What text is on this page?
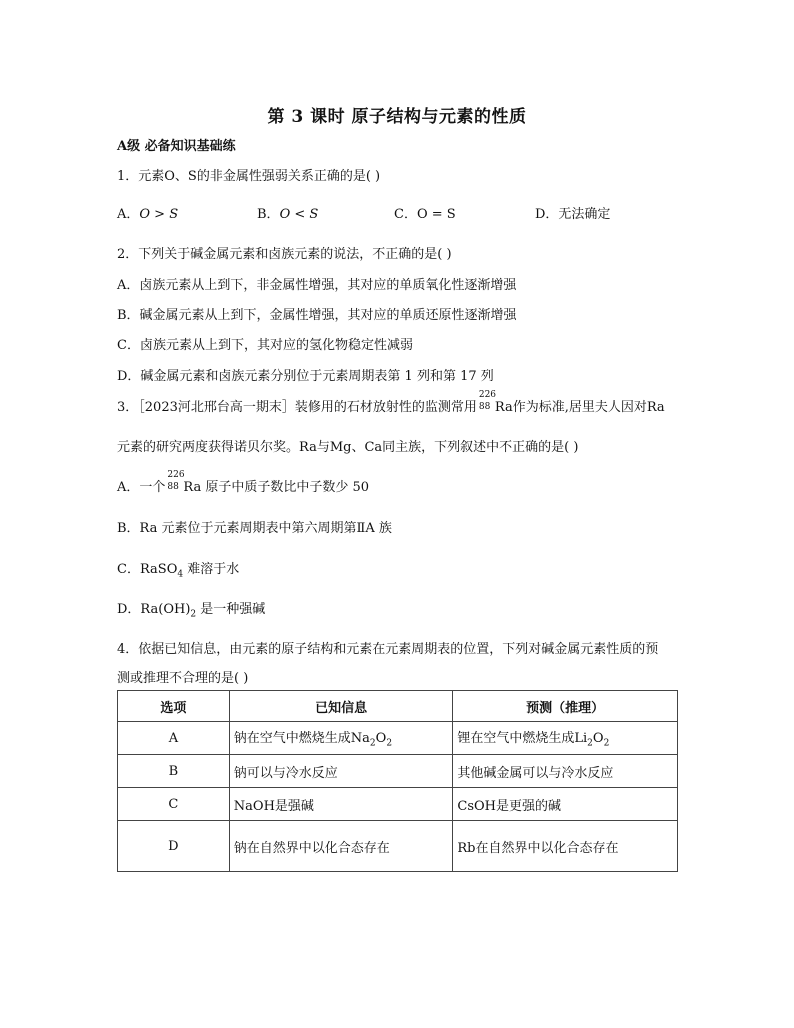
第 3 课时 原子结构与元素的性质
A级 必备知识基础练
1．元素O、S的非金属性强弱关系正确的是( )
A．O > S	B．O < S	C．O = S	D．无法确定
2．下列关于碱金属元素和卤族元素的说法，不正确的是( )
A．卤族元素从上到下，非金属性增强，其对应的单质氧化性逐渐增强
B．碱金属元素从上到下，金属性增强，其对应的单质还原性逐渐增强
C．卤族元素从上到下，其对应的氢化物稳定性减弱
D．碱金属元素和卤族元素分别位于元素周期表第 1 列和第 17 列
3．［2023河北邢台高一期末］装修用的石材放射性的监测常用
226
88 Ra作为标准,居里夫人因对Ra
元素的研究两度获得诺贝尔奖。Ra与Mg、Ca同主族，下列叙述中不正确的是( )
A．一个
226
88 Ra 原子中质子数比中子数少 50
B．Ra 元素位于元素周期表中第六周期第ⅡA 族
C．RaSO$_4$ 难溶于水
D．$Ra(OH)_2$ 是一种强碱
4．依据已知信息，由元素的原子结构和元素在元素周期表的位置，下列对碱金属元素性质的预
测或推理不合理的是( )
选项	已知信息	预测（推理）
A	钠在空气中燃烧生成$Na_2O_2$	锂在空气中燃烧生成$Li_2O_2$
B	钠可以与冷水反应	其他碱金属可以与冷水反应
C	NaOH是强碱	CsOH是更强的碱
D	钠在自然界中以化合态存在	Rb在自然界中以化合态存在
